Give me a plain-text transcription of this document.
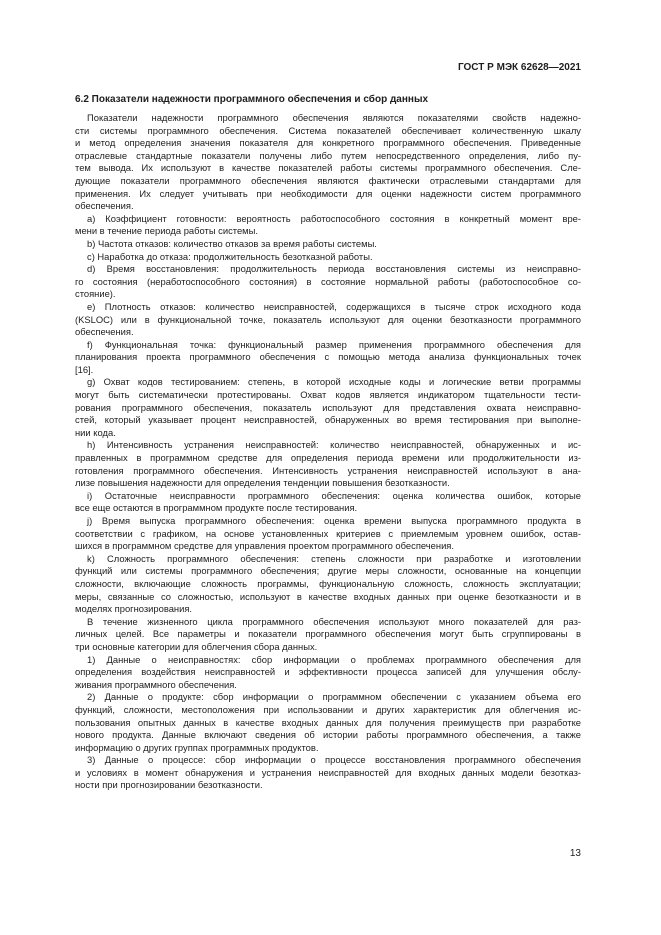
ГОСТ Р МЭК 62628—2021
6.2 Показатели надежности программного обеспечения и сбор данных
Показатели надежности программного обеспечения являются показателями свойств надежно-
сти системы программного обеспечения. Система показателей обеспечивает количественную шкалу
и метод определения значения показателя для конкретного программного обеспечения. Приведенные
отраслевые стандартные показатели получены либо путем непосредственного определения, либо пу-
тем вывода. Их используют в качестве показателей работы системы программного обеспечения. Сле-
дующие показатели программного обеспечения являются фактически отраслевыми стандартами для
применения. Их следует учитывать при необходимости для оценки надежности систем программного
обеспечения.
a) Коэффициент готовности: вероятность работоспособного состояния в конкретный момент вре-
мени в течение периода работы системы.
b) Частота отказов: количество отказов за время работы системы.
c) Наработка до отказа: продолжительность безотказной работы.
d) Время восстановления: продолжительность периода восстановления системы из неисправно-
го состояния (неработоспособного состояния) в состояние нормальной работы (работоспособное со-
стояние).
e) Плотность отказов: количество неисправностей, содержащихся в тысяче строк исходного кода
(KSLOC) или в функциональной точке, показатель используют для оценки безотказности программного
обеспечения.
f) Функциональная точка: функциональный размер применения программного обеспечения для
планирования проекта программного обеспечения с помощью метода анализа функциональных точек
[16].
g) Охват кодов тестированием: степень, в которой исходные коды и логические ветви программы
могут быть систематически протестированы. Охват кодов является индикатором тщательности тести-
рования программного обеспечения, показатель используют для представления охвата неисправно-
стей, который указывает процент неисправностей, обнаруженных во время тестирования при выполне-
нии кода.
h) Интенсивность устранения неисправностей: количество неисправностей, обнаруженных и ис-
правленных в программном средстве для определения периода времени или продолжительности из-
готовления программного обеспечения. Интенсивность устранения неисправностей используют в ана-
лизе повышения надежности для определения тенденции повышения безотказности.
i) Остаточные неисправности программного обеспечения: оценка количества ошибок, которые
все еще остаются в программном продукте после тестирования.
j) Время выпуска программного обеспечения: оценка времени выпуска программного продукта в
соответствии с графиком, на основе установленных критериев с приемлемым уровнем ошибок, остав-
шихся в программном средстве для управления проектом программного обеспечения.
k) Сложность программного обеспечения: степень сложности при разработке и изготовлении
функций или системы программного обеспечения; другие меры сложности, основанные на концепции
сложности, включающие сложность программы, функциональную сложность, сложность эксплуатации;
меры, связанные со сложностью, используют в качестве входных данных при оценке безотказности и в
моделях прогнозирования.
В течение жизненного цикла программного обеспечения используют много показателей для раз-
личных целей. Все параметры и показатели программного обеспечения могут быть сгруппированы в
три основные категории для облегчения сбора данных.
1) Данные о неисправностях: сбор информации о проблемах программного обеспечения для
определения воздействия неисправностей и эффективности процесса записей для улучшения обслу-
живания программного обеспечения.
2) Данные о продукте: сбор информации о программном обеспечении с указанием объема его
функций, сложности, местоположения при использовании и других характеристик для облегчения ис-
пользования опытных данных в качестве входных данных для получения преимуществ при разработке
нового продукта. Данные включают сведения об истории работы программного обеспечения, а также
информацию о других группах программных продуктов.
3) Данные о процессе: сбор информации о процессе восстановления программного обеспечения
и условиях в момент обнаружения и устранения неисправностей для входных данных модели безотказ-
ности при прогнозировании безотказности.
13
